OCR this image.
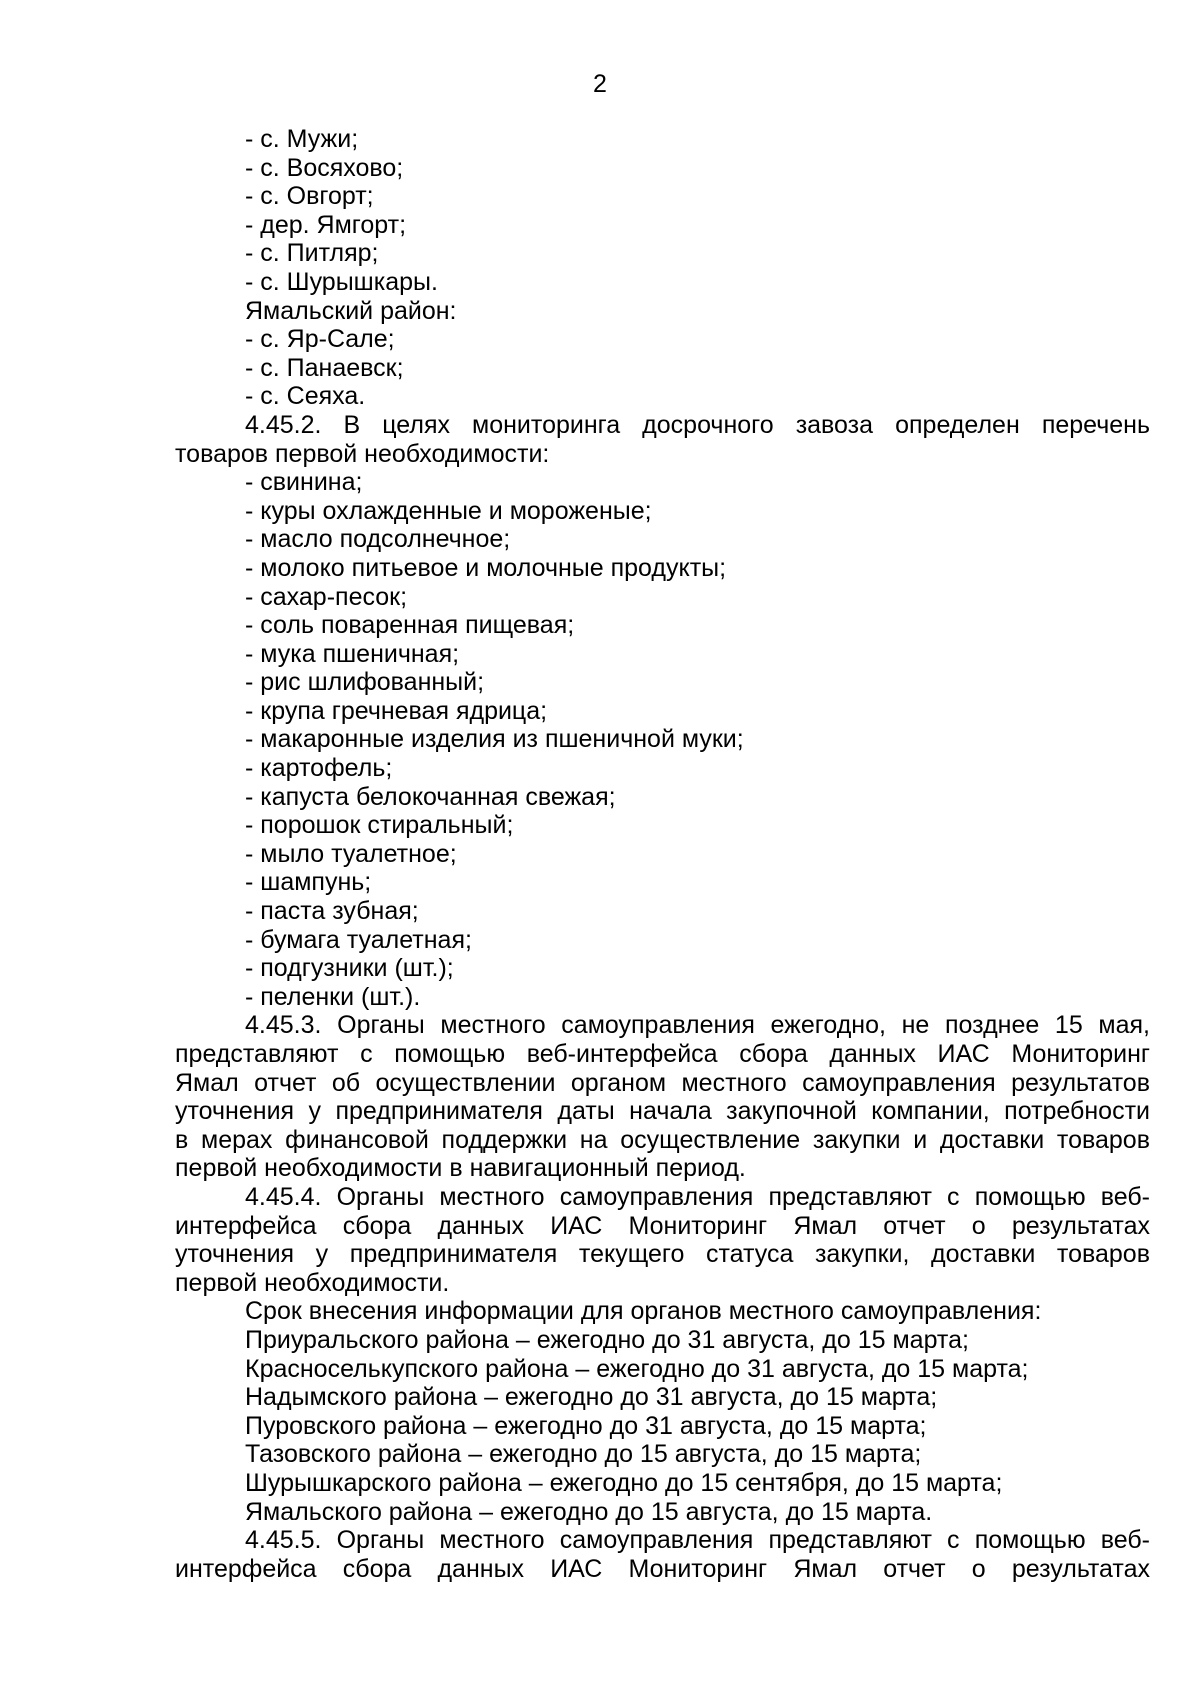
2
- с. Мужи;
- с. Восяхово;
- с. Овгорт;
- дер. Ямгорт;
- с. Питляр;
- с. Шурышкары.
Ямальский район:
- с. Яр-Сале;
- с. Панаевск;
- с. Сеяха.
4.45.2. В целях мониторинга досрочного завоза определен перечень
товаров первой необходимости:
- свинина;
- куры охлажденные и мороженые;
- масло подсолнечное;
- молоко питьевое и молочные продукты;
- сахар-песок;
- соль поваренная пищевая;
- мука пшеничная;
- рис шлифованный;
- крупа гречневая ядрица;
- макаронные изделия из пшеничной муки;
- картофель;
- капуста белокочанная свежая;
- порошок стиральный;
- мыло туалетное;
- шампунь;
- паста зубная;
- бумага туалетная;
- подгузники (шт.);
- пеленки (шт.).
4.45.3. Органы местного самоуправления ежегодно, не позднее 15 мая,
представляют с помощью веб-интерфейса сбора данных ИАС Мониторинг
Ямал отчет об осуществлении органом местного самоуправления результатов
уточнения у предпринимателя даты начала закупочной компании, потребности
в мерах финансовой поддержки на осуществление закупки и доставки товаров
первой необходимости в навигационный период.
4.45.4. Органы местного самоуправления представляют с помощью веб-
интерфейса сбора данных ИАС Мониторинг Ямал отчет о результатах
уточнения у предпринимателя текущего статуса закупки, доставки товаров
первой необходимости.
Срок внесения информации для органов местного самоуправления:
Приуральского района – ежегодно до 31 августа, до 15 марта;
Красноселькупского района – ежегодно до 31 августа, до 15 марта;
Надымского района – ежегодно до 31 августа, до 15 марта;
Пуровского района – ежегодно до 31 августа, до 15 марта;
Тазовского района – ежегодно до 15 августа, до 15 марта;
Шурышкарского района – ежегодно до 15 сентября, до 15 марта;
Ямальского района – ежегодно до 15 августа, до 15 марта.
4.45.5. Органы местного самоуправления представляют с помощью веб-
интерфейса сбора данных ИАС Мониторинг Ямал отчет о результатах
